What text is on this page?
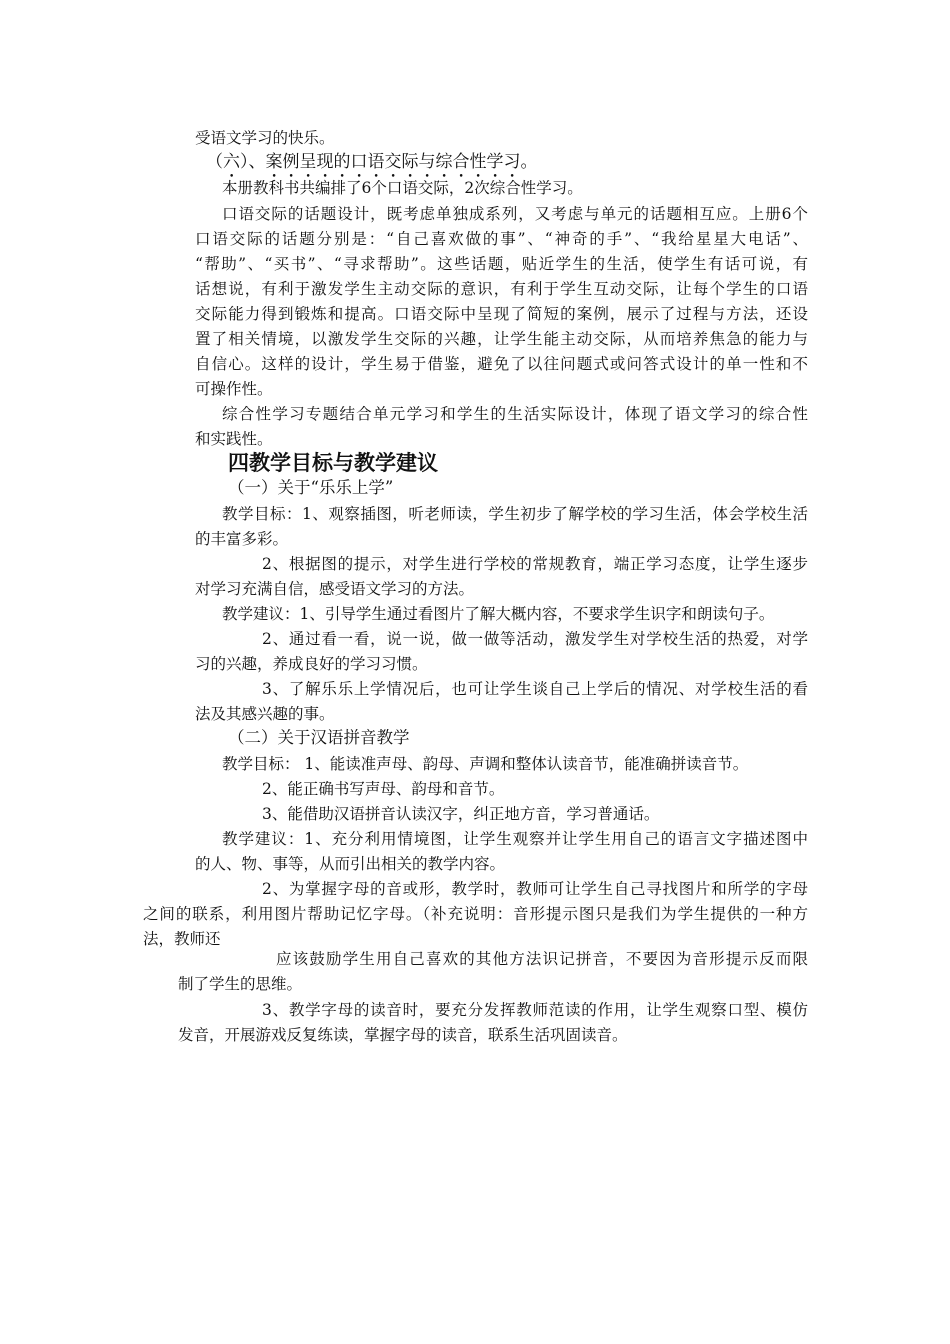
受语文学习的快乐。
（六）、案例呈现的口语交际与综合性学习。
本册教科书共编排了6个口语交际，2次综合性学习。
口语交际的话题设计，既考虑单独成系列，又考虑与单元的话题相互应。上册6个
口语交际的话题分别是：“自己喜欢做的事”、“神奇的手”、“我给星星大电话”、
“帮助”、“买书”、“寻求帮助”。这些话题，贴近学生的生活，使学生有话可说，有
话想说，有利于激发学生主动交际的意识，有利于学生互动交际，让每个学生的口语
交际能力得到锻炼和提高。口语交际中呈现了简短的案例，展示了过程与方法，还设
置了相关情境，以激发学生交际的兴趣，让学生能主动交际，从而培养焦急的能力与
自信心。这样的设计，学生易于借鉴，避免了以往问题式或问答式设计的单一性和不
可操作性。
综合性学习专题结合单元学习和学生的生活实际设计，体现了语文学习的综合性
和实践性。
四教学目标与教学建议
（一）关于“乐乐上学”
教学目标：1、观察插图，听老师读，学生初步了解学校的学习生活，体会学校生活
的丰富多彩。
2、根据图的提示，对学生进行学校的常规教育，端正学习态度，让学生逐步
对学习充满自信，感受语文学习的方法。
教学建议：1、引导学生通过看图片了解大概内容，不要求学生识字和朗读句子。
2、通过看一看，说一说，做一做等活动，激发学生对学校生活的热爱，对学
习的兴趣，养成良好的学习习惯。
3、了解乐乐上学情况后，也可让学生谈自己上学后的情况、对学校生活的看
法及其感兴趣的事。
（二）关于汉语拼音教学
教学目标： 1、能读准声母、韵母、声调和整体认读音节，能准确拼读音节。
2、能正确书写声母、韵母和音节。
3、能借助汉语拼音认读汉字，纠正地方音，学习普通话。
教学建议：1、充分利用情境图，让学生观察并让学生用自己的语言文字描述图中
的人、物、事等，从而引出相关的教学内容。
2、为掌握字母的音或形，教学时，教师可让学生自己寻找图片和所学的字母
之间的联系，利用图片帮助记忆字母。（补充说明：音形提示图只是我们为学生提供的一种方
法，教师还
应该鼓励学生用自己喜欢的其他方法识记拼音，不要因为音形提示反而限
制了学生的思维。
3、教学字母的读音时，要充分发挥教师范读的作用，让学生观察口型、模仿
发音，开展游戏反复练读，掌握字母的读音，联系生活巩固读音。
